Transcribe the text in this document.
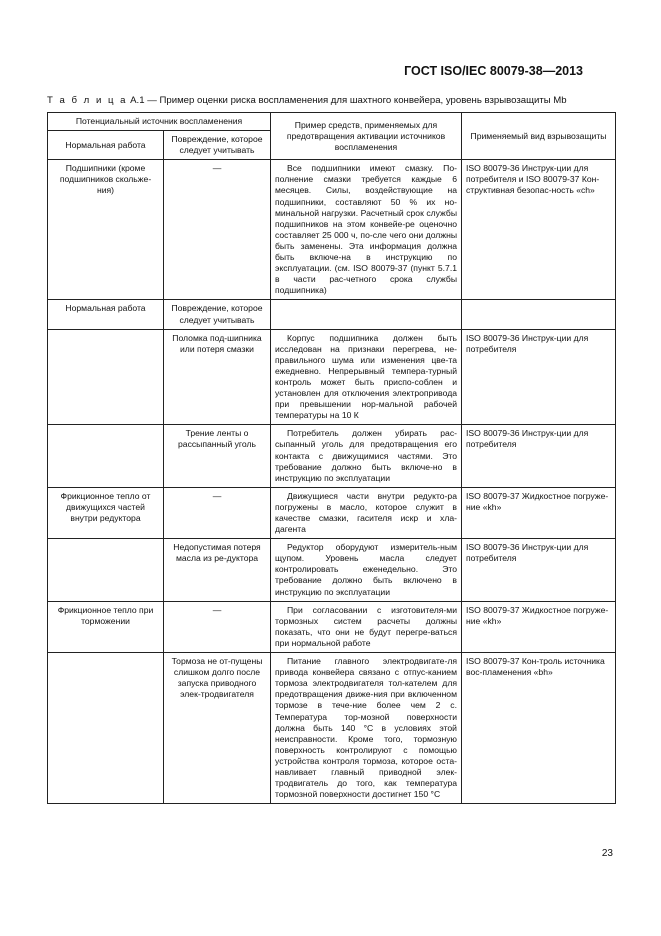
ГОСТ ISO/IEC 80079-38—2013
Т а б л и ц а А.1 — Пример оценки риска воспламенения для шахтного конвейера, уровень взрывозащиты Mb
Потенциальный источник воспламенения		Пример средств, применяемых для предотвращения активации источников воспламенения	Применяемый вид взрывозащиты
Нормальная работа	Повреждение, которое следует учитывать		
Подшипники (кроме подшипников скольже-ния)	—	Все подшипники имеют смазку. По-полнение смазки требуется каждые 6 месяцев. Силы, воздействующие на подшипники, составляют 50 % их но-минальной нагрузки. Расчетный срок службы подшипников на этом конвейе-ре оценочно составляет 25 000 ч, по-сле чего они должны быть заменены. Эта информация должна быть включе-на в инструкцию по эксплуатации. (см. ISO 80079-37 (пункт 5.7.1 в части рас-четного срока службы подшипника)	ISO 80079-36 Инструк-ции для потребителя и ISO 80079-37 Кон-структивная безопас-ность «ch»
Нормальная работа	Повреждение, которое следует учитывать		
	Поломка под-шипника или потеря смазки	Корпус подшипника должен быть исследован на признаки перегрева, не-правильного шума или изменения цве-та ежедневно. Непрерывный темпера-турный контроль может быть приспо-соблен и установлен для отключения электропривода при превышении нор-мальной рабочей температуры на 10 К	ISO 80079-36 Инструк-ции для потребителя
	Трение ленты о рассыпанный уголь	Потребитель должен убирать рас-сыпанный уголь для предотвращения его контакта с движущимися частями. Это требование должно быть включе-но в инструкцию по эксплуатации	ISO 80079-36 Инструк-ции для потребителя
Фрикционное тепло от движущихся частей внутри редуктора	—	Движущиеся части внутри редукто-ра погружены в масло, которое служит в качестве смазки, гасителя искр и хла-дагента	ISO 80079-37 Жидкостное погруже-ние «kh»
	Недопустимая потеря масла из ре-дуктора	Редуктор оборудуют измеритель-ным щупом. Уровень масла следует контролировать еженедельно. Это требование должно быть включено в инструкцию по эксплуатации	ISO 80079-36 Инструк-ции для потребителя
Фрикционное тепло при торможении	—	При согласовании с изготовителя-ми тормозных систем расчеты должны показать, что они не будут перегре-ваться при нормальной работе	ISO 80079-37 Жидкостное погруже-ние «kh»
	Тормоза не от-пущены слишком долго после запуска приводного элек-тродвигателя	Питание главного электродвигате-ля привода конвейера связано с отпус-канием тормоза электродвигателя тол-кателем для предотвращения движе-ния при включенном тормозе в тече-ние более чем 2 с. Температура тор-мозной поверхности должна быть 140 °С в условиях этой неисправности. Кроме того, тормозную поверхность контролируют с помощью устройства контроля тормоза, которое оста-навливает главный приводной элек-тродвигатель до того, как температура тормозной поверхности достигнет 150 °С	ISO 80079-37 Кон-троль источника вос-пламенения «bh»
23
